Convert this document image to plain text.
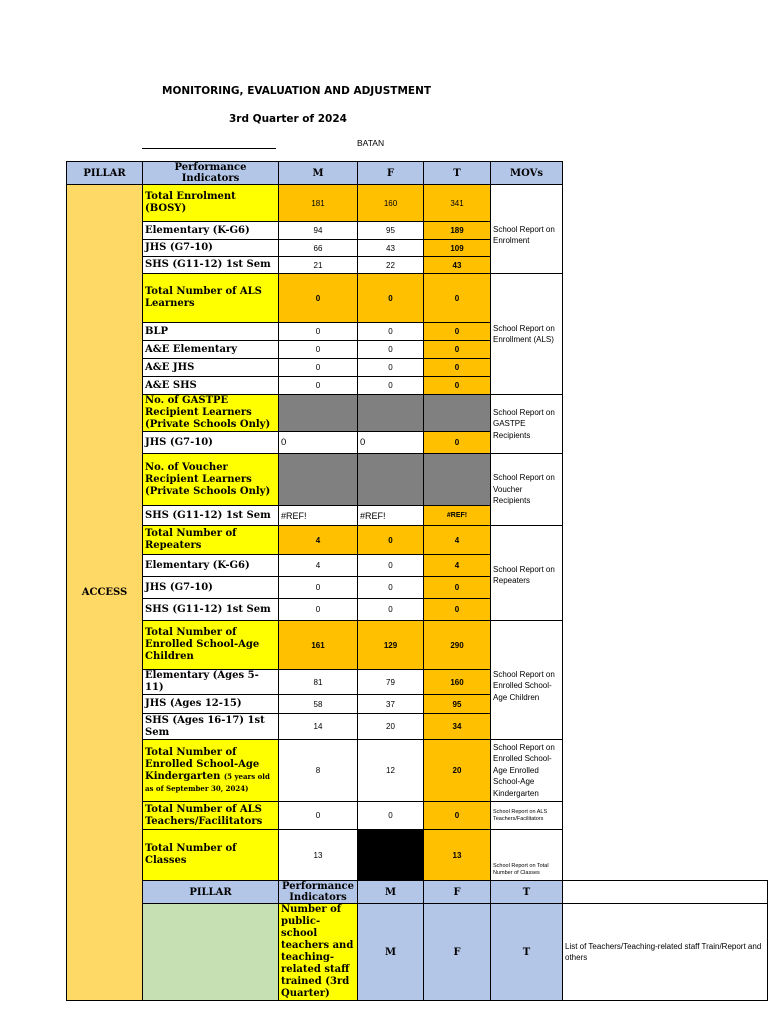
MONITORING, EVALUATION AND ADJUSTMENT
3rd Quarter of 2024
BATAN
PILLAR	Performance Indicators	M	F	T	MOVs	
ACCESS	Total Enrolment (BOSY)	181	160	341	School Report on Enrolment	
	Elementary (K-G6)	94	95	189		
	JHS (G7-10)	66	43	109		
	SHS (G11-12) 1st Sem	21	22	43		
	Total Number of ALS Learners	0	0	0	School Report on Enrollment (ALS)	
	BLP	0	0	0		
	A&E Elementary	0	0	0		
	A&E JHS	0	0	0		
	A&E SHS	0	0	0		
	No. of GASTPE Recipient Learners (Private Schools Only)				School Report on GASTPE Recipients	
	JHS (G7-10)	0	0	0		
	No. of Voucher Recipient Learners (Private Schools Only)				School Report on Voucher Recipients	
	SHS (G11-12) 1st Sem	#REF!	#REF!	#REF!		
	Total Number of Repeaters	4	0	4	School Report on Repeaters	
	Elementary (K-G6)	4	0	4		
	JHS (G7-10)	0	0	0		
	SHS (G11-12) 1st Sem	0	0	0		
	Total Number of Enrolled School-Age Children	161	129	290	School Report on Enrolled School-Age Children	
	Elementary (Ages 5-11)	81	79	160		
	JHS (Ages 12-15)	58	37	95		
	SHS (Ages 16-17) 1st Sem	14	20	34		
	Total Number of Enrolled School-Age Kindergarten (5 years old as of September 30, 2024)	8	12	20	School Report on Enrolled School-Age Enrolled School-Age Kindergarten	
	Total Number of ALS Teachers/Facilitators	0	0	0	School Report on ALS Teachers/Facilitators	
	Total Number of Classes	13		13	School Report on Total Number of Classes	
	PILLAR	Performance Indicators	M	F	T	
		Number of public-school teachers and teaching-related staff trained (3rd Quarter)	M	F	T	List of Teachers/Teaching-related staff Train/Report and others
